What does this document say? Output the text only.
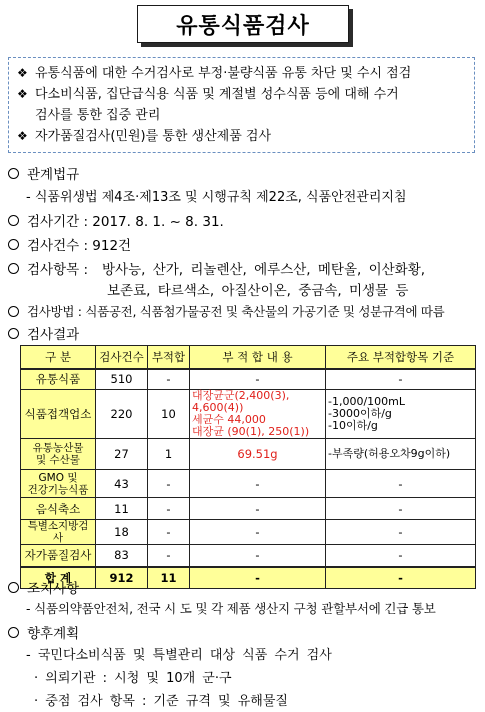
유통식품검사
❖ 유통식품에 대한 수거검사로 부정·불량식품 유통 차단 및 수시 점검
❖ 다소비식품, 집단급식용 식품 및 계절별 성수식품 등에 대해 수거
검사를 통한 집중 관리
❖ 자가품질검사(민원)를 통한 생산제품 검사
관계법규
- 식품위생법 제4조·제13조 및 시행규칙 제22조, 식품안전관리지침
검사기간 : 2017. 8. 1. ~ 8. 31.
검사건수 : 912건
검사항목 : 방사능, 산가, 리놀렌산, 에루스산, 메탄올, 이산화황,
보존료, 타르색소, 아질산이온, 중금속, 미생물 등
검사방법 : 식품공전, 식품첨가물공전 및 축산물의 가공기준 및 성분규격에 따름
검사결과
구 분	검사건수	부적합	부 적 합 내 용	주요 부적합항목 기준
유통식품	510	-	-	-
식품접객업소	220	10	대장균군(2,400(3), 4,600(4))
세균수 44,000
대장균 (90(1), 250(1))	-1,000/100mL
-3000이하/g
-10이하/g
유통농산물
및 수산물	27	1	69.51g	-부족량(허용오차9g이하)
GMO 및
건강기능식품	43	-	-	-
음식축소	11	-	-	-
특별소지방검사	18	-	-	-
자가품질검사	83	-	-	-
합 계	912	11	-	-
조치사항
- 식품의약품안전처, 전국 시 도 및 각 제품 생산지 구청 관할부서에 긴급 통보
향후계획
- 국민다소비식품 및 특별관리 대상 식품 수거 검사
· 의뢰기관 : 시청 및 10개 군·구
· 중점 검사 항목 : 기준 규격 및 유해물질
